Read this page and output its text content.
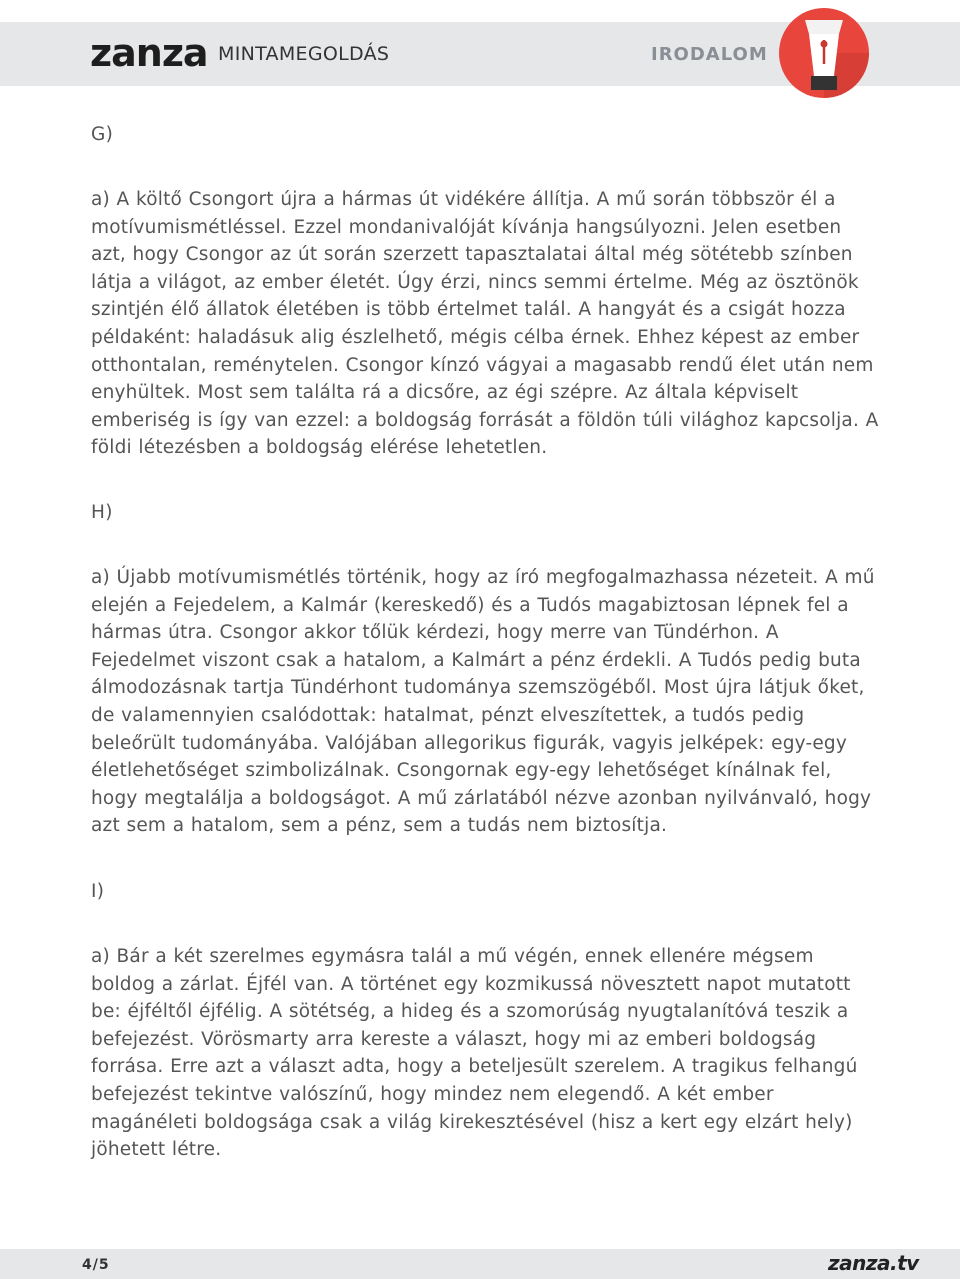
zanza MINTAMEGOLDÁS	IRODALOM
G)
a) A költő Csongort újra a hármas út vidékére állítja. A mű során többször él a motívumismétléssel. Ezzel mondanivalóját kívánja hangsúlyozni. Jelen esetben azt, hogy Csongor az út során szerzett tapasztalatai által még sötétebb színben látja a világot, az ember életét. Úgy érzi, nincs semmi értelme. Még az ösztönök szintjén élő állatok életében is több értelmet talál. A hangyát és a csigát hozza példaként: haladásuk alig észlelhető, mégis célba érnek. Ehhez képest az ember otthontalan, reménytelen. Csongor kínzó vágyai a magasabb rendű élet után nem enyhültek. Most sem találta rá a dicsőre, az égi szépre. Az általa képviselt emberiség is így van ezzel: a boldogság forrását a földön túli világhoz kapcsolja. A földi létezésben a boldogság elérése lehetetlen.
H)
a) Újabb motívumismétlés történik, hogy az író megfogalmazhassa nézeteit. A mű elején a Fejedelem, a Kalmár (kereskedő) és a Tudós magabiztosan lépnek fel a hármas útra. Csongor akkor tőlük kérdezi, hogy merre van Tündérhon. A Fejedelmet viszont csak a hatalom, a Kalmárt a pénz érdekli. A Tudós pedig buta álmodozásnak tartja Tündérhont tudománya szemszögéből. Most újra látjuk őket, de valamennyien csalódottak: hatalmat, pénzt elveszítettek, a tudós pedig beleőrült tudományába. Valójában allegorikus figurák, vagyis jelképek: egy-egy életlehetőséget szimbolizálnak. Csongornak egy-egy lehetőséget kínálnak fel, hogy megtalálja a boldogságot. A mű zárlatából nézve azonban nyilvánvaló, hogy azt sem a hatalom, sem a pénz, sem a tudás nem biztosítja.
I)
a) Bár a két szerelmes egymásra talál a mű végén, ennek ellenére mégsem boldog a zárlat. Éjfél van. A történet egy kozmikussá növesztett napot mutatott be: éjféltől éjfélig. A sötétség, a hideg és a szomorúság nyugtalanítóvá teszik a befejezést. Vörösmarty arra kereste a választ, hogy mi az emberi boldogság forrása. Erre azt a választ adta, hogy a beteljesült szerelem. A tragikus felhangú befejezést tekintve valószínű, hogy mindez nem elegendő. A két ember magánéleti boldogsága csak a világ kirekesztésével (hisz a kert egy elzárt hely) jöhetett létre.
4/5	zanza.tv
